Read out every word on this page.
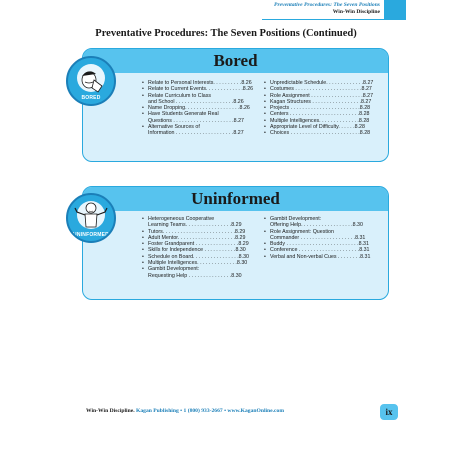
Preventative Procedures: The Seven Positions
Win-Win Discipline
Preventative Procedures: The Seven Positions (Continued)
Bored
BORED
• Relate to Personal Interests. . . . . . . . . .8.26
• Relate to Current Events. . . . . . . . . . . . .8.26
• Relate Curriculum to Class
and School . . . . . . . . . . . . . . . . . . . .8.26
• Name Dropping. . . . . . . . . . . . . . . . . . .8.26
• Have Students Generate Real
Questions . . . . . . . . . . . . . . . . . . . . .8.27
• Alternative Sources of
Information . . . . . . . . . . . . . . . . . . . .8.27
• Unpredictable Schedule. . . . . . . . . . . . .8.27
• Costumes . . . . . . . . . . . . . . . . . . . . . . .8.27
• Role Assignment . . . . . . . . . . . . . . . . . .8.27
• Kagan Structures . . . . . . . . . . . . . . . . .8.27
• Projects . . . . . . . . . . . . . . . . . . . . . . . .8.28
• Centers . . . . . . . . . . . . . . . . . . . . . . . .8.28
• Multiple Intelligences. . . . . . . . . . . . . .8.28
• Appropriate Level of Difficulty. . . . . .8.28
• Choices . . . . . . . . . . . . . . . . . . . . . . . .8.28
Uninformed
UNINFORMED
• Heterogeneous Cooperative
Learning Teams. . . . . . . . . . . . . . . .8.29
• Tutors. . . . . . . . . . . . . . . . . . . . . . . . .8.29
• Adult Mentor. . . . . . . . . . . . . . . . . . . .8.29
• Foster Grandparent . . . . . . . . . . . . . . .8.29
• Skills for Independence . . . . . . . . . . .8.30
• Schedule on Board. . . . . . . . . . . . . . . .8.30
• Multiple Intelligences. . . . . . . . . . . . . .8.30
• Gambit Development:
Requesting Help . . . . . . . . . . . . . . .8.30
• Gambit Development:
Offering Help. . . . . . . . . . . . . . . . . .8.30
• Role Assignment: Question
Commander . . . . . . . . . . . . . . . . . . .8.31
• Buddy . . . . . . . . . . . . . . . . . . . . . . . . .8.31
• Conference . . . . . . . . . . . . . . . . . . . . .8.31
• Verbal and Non-verbal Cues . . . . . . . .8.31
Win-Win Discipline. Kagan Publishing • 1 (800) 933-2667 • www.KaganOnline.com	ix
